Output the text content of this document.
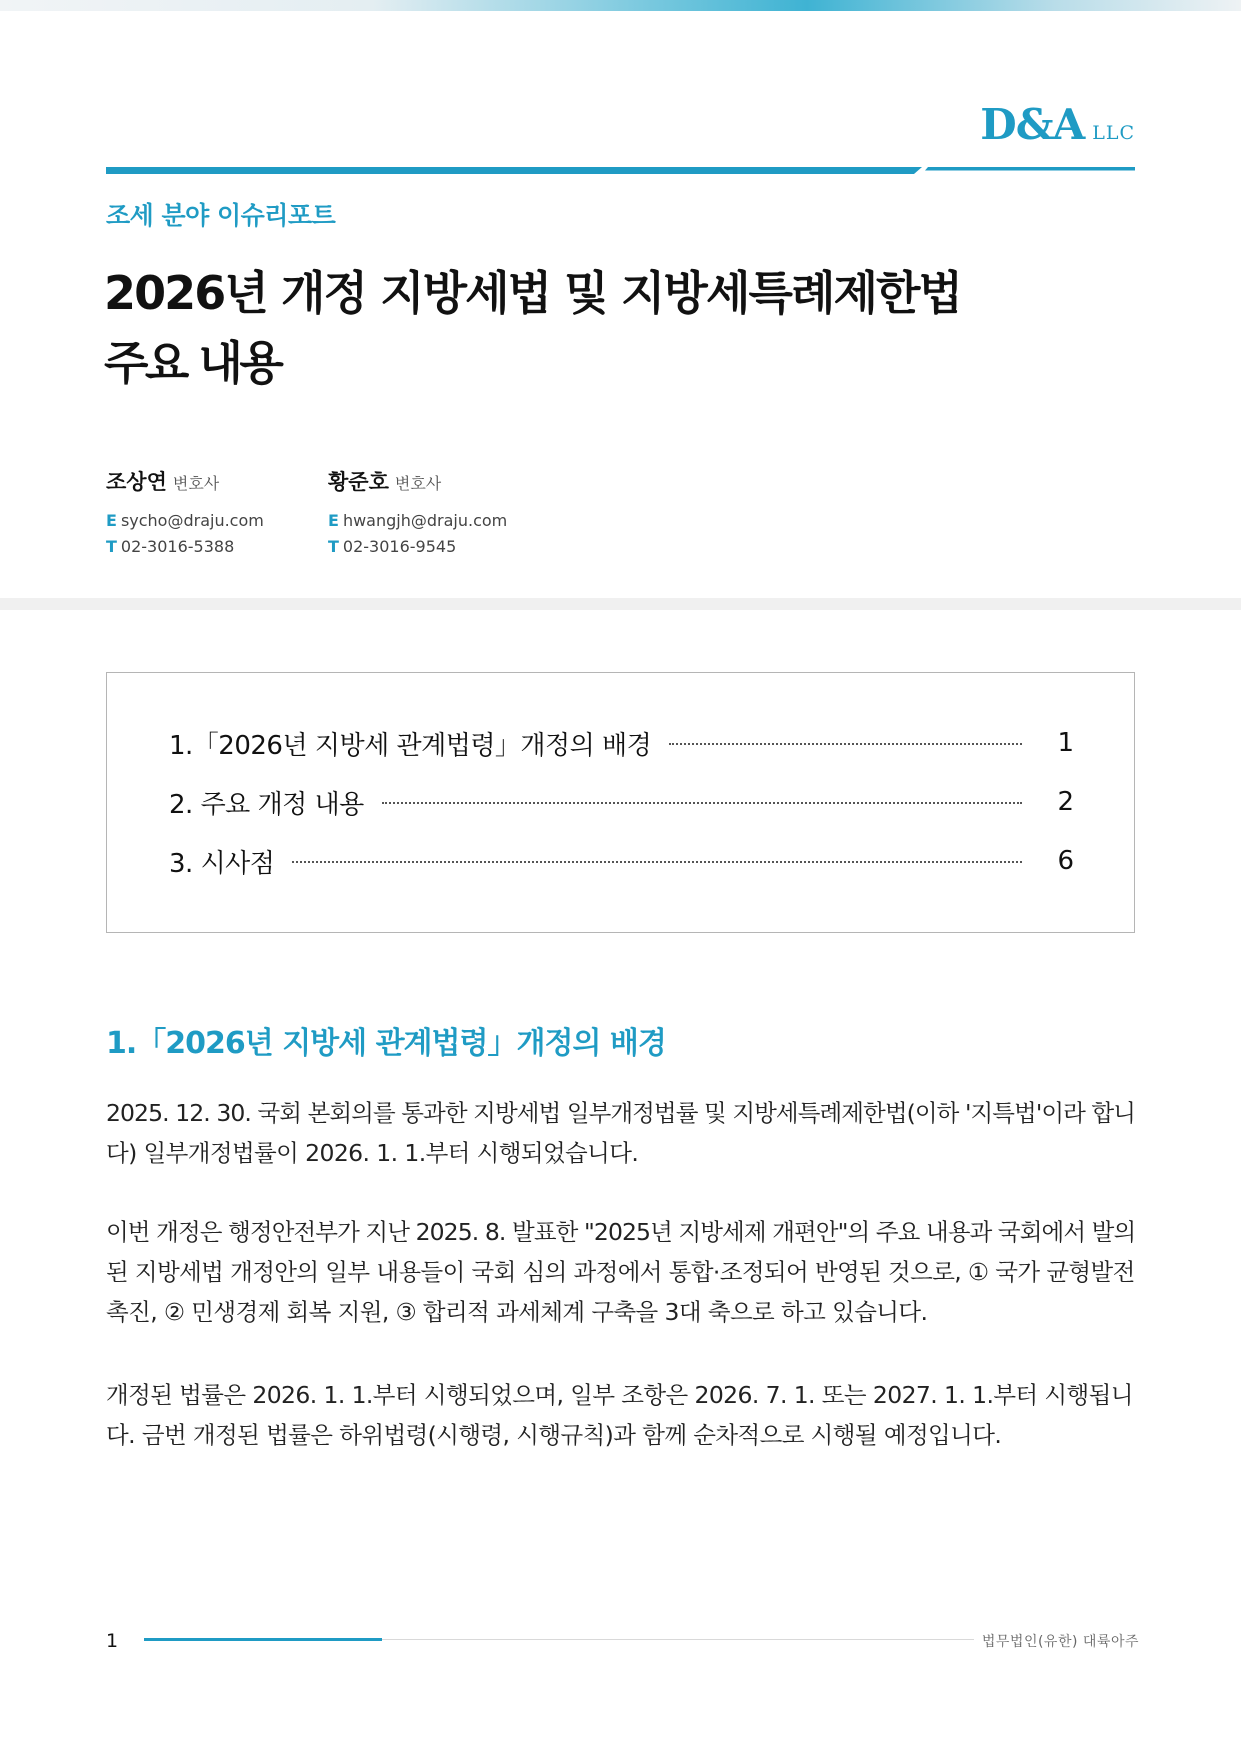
D&A LLC
조세 분야 이슈리포트
2026년 개정 지방세법 및 지방세특례제한법
주요 내용
조상연 변호사
E sycho@draju.com
T 02-3016-5388
황준호 변호사
E hwangjh@draju.com
T 02-3016-9545
1.「2026년 지방세 관계법령」개정의 배경	1
2. 주요 개정 내용	2
3. 시사점	6
1.「2026년 지방세 관계법령」개정의 배경

2025. 12. 30. 국회 본회의를 통과한 지방세법 일부개정법률 및 지방세특례제한법(이하 '지특법'이라 합니
다) 일부개정법률이 2026. 1. 1.부터 시행되었습니다.

이번 개정은 행정안전부가 지난 2025. 8. 발표한 "2025년 지방세제 개편안"의 주요 내용과 국회에서 발의
된 지방세법 개정안의 일부 내용들이 국회 심의 과정에서 통합·조정되어 반영된 것으로, ① 국가 균형발전
촉진, ② 민생경제 회복 지원, ③ 합리적 과세체계 구축을 3대 축으로 하고 있습니다.

개정된 법률은 2026. 1. 1.부터 시행되었으며, 일부 조항은 2026. 7. 1. 또는 2027. 1. 1.부터 시행됩니
다. 금번 개정된 법률은 하위법령(시행령, 시행규칙)과 함께 순차적으로 시행될 예정입니다.

1	법무법인(유한) 대륙아주
